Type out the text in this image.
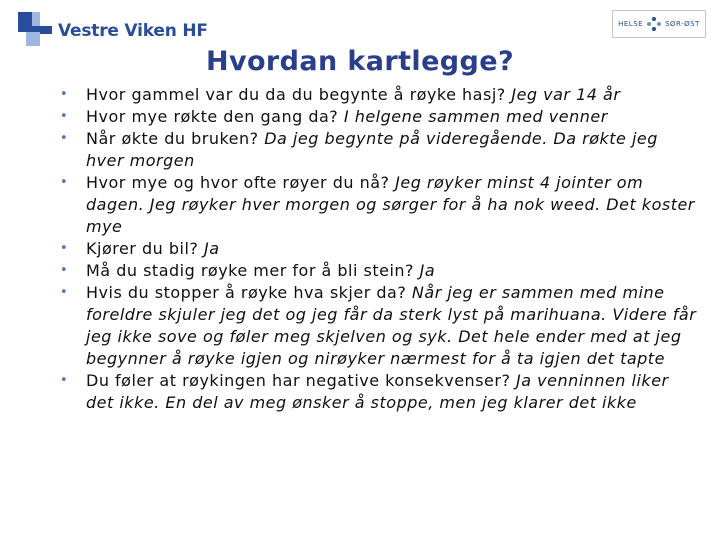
Vestre Viken HF	HELSE	SØR-ØST
Hvordan kartlegge?
• Hvor gammel var du da du begynte å røyke hasj? Jeg var 14 år
• Hvor mye røkte den gang da? I helgene sammen med venner
• Når økte du bruken? Da jeg begynte på videregående. Da røkte jeg hver morgen
• Hvor mye og hvor ofte røyer du nå? Jeg røyker minst 4 jointer om dagen. Jeg røyker hver morgen og sørger for å ha nok weed. Det koster mye
• Kjører du bil? Ja
• Må du stadig røyke mer for å bli stein? Ja
• Hvis du stopper å røyke hva skjer da? Når jeg er sammen med mine foreldre skjuler jeg det og jeg får da sterk lyst på marihuana. Videre får jeg ikke sove og føler meg skjelven og syk. Det hele ender med at jeg begynner å røyke igjen og nirøyker nærmest for å ta igjen det tapte
• Du føler at røykingen har negative konsekvenser? Ja venninnen liker det ikke. En del av meg ønsker å stoppe, men jeg klarer det ikke
